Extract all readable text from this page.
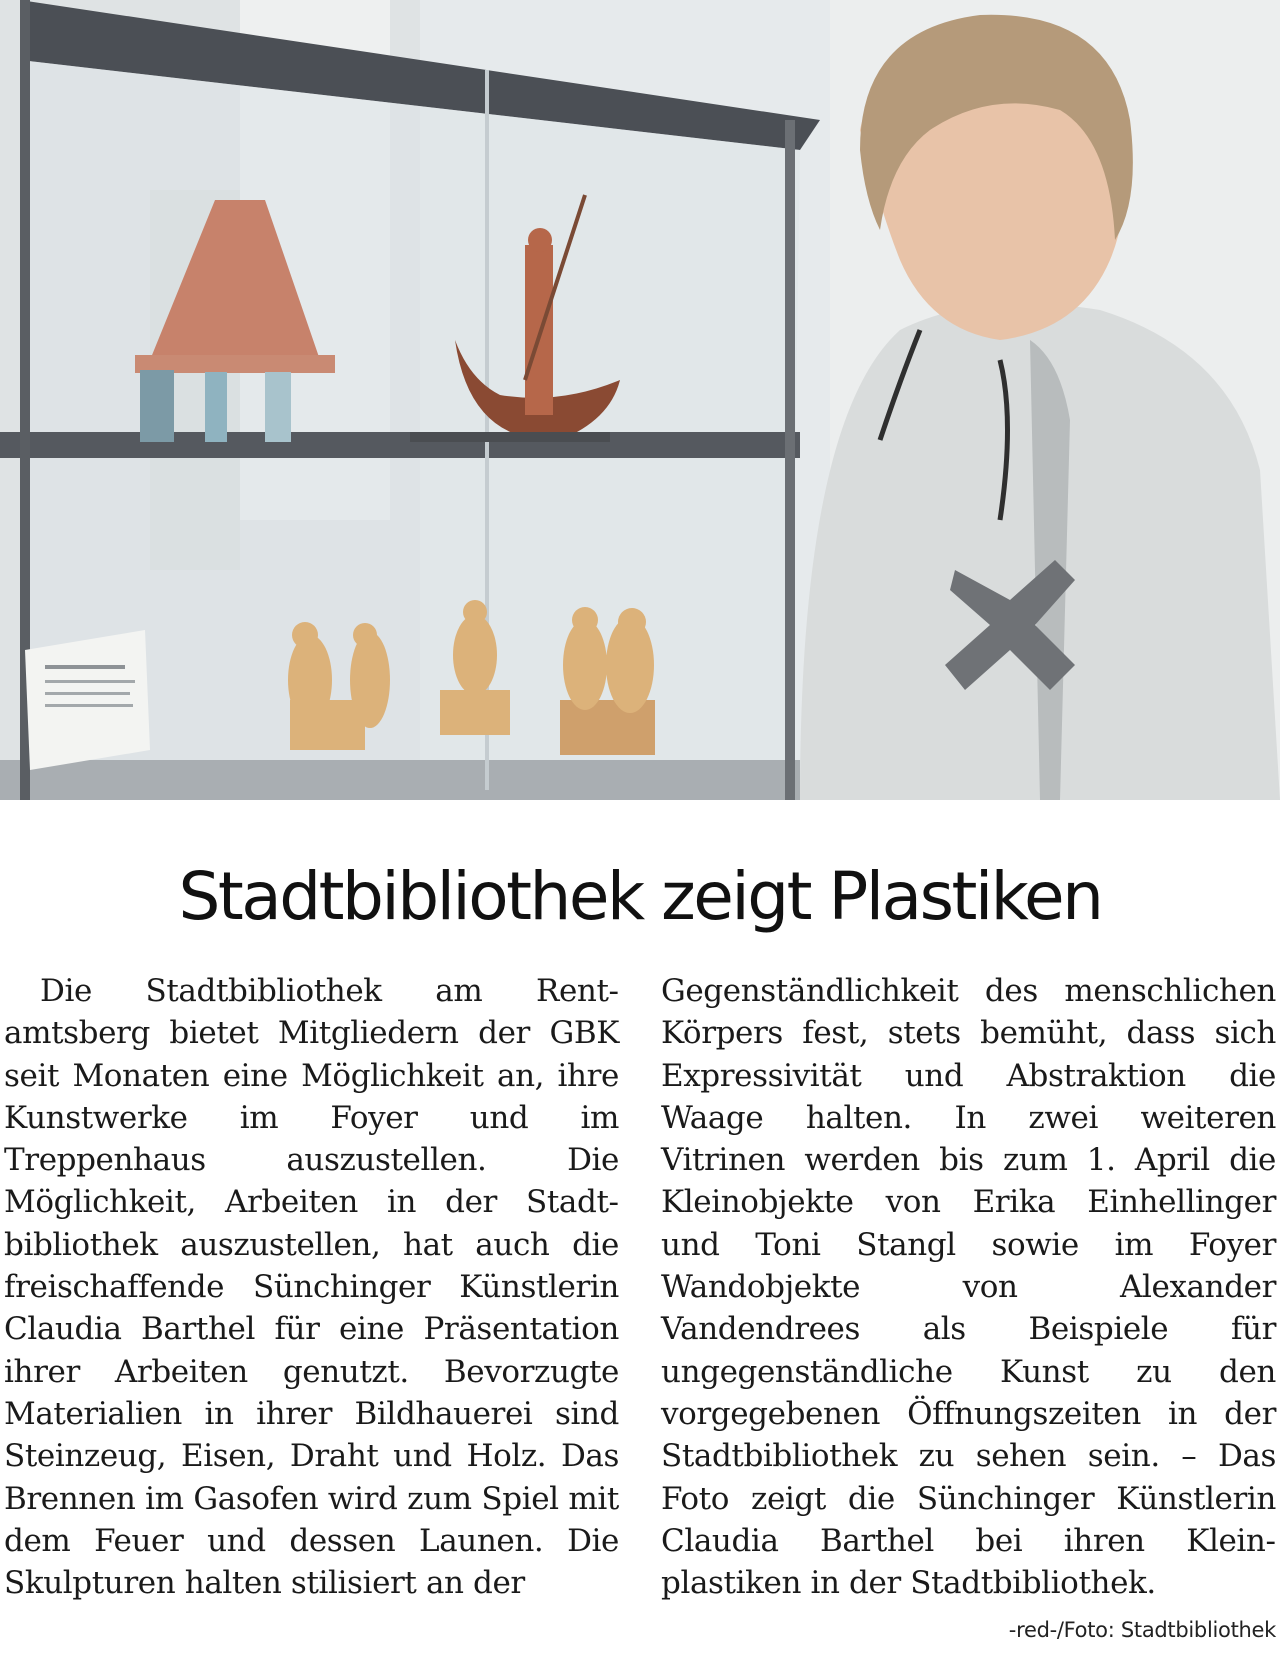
Stadtbibliothek zeigt Plastiken

Die Stadtbibliothek am Rentamtsberg bietet Mitgliedern der GBK seit Monaten eine Möglichkeit an, ihre Kunstwerke im Foyer und im Treppenhaus auszustellen. Die Möglichkeit, Arbeiten in der Stadtbibliothek auszustellen, hat auch die freischaffende Sünchinger Künstlerin Claudia Barthel für eine Präsentation ihrer Arbeiten genutzt. Bevorzugte Materialien in ihrer Bildhauerei sind Steinzeug, Eisen, Draht und Holz. Das Brennen im Gasofen wird zum Spiel mit dem Feuer und dessen Launen. Die Skulpturen halten stilisiert an der

Gegenständlichkeit des menschlichen Körpers fest, stets bemüht, dass sich Expressivität und Abstraktion die Waage halten. In zwei weiteren Vitrinen werden bis zum 1. April die Kleinobjekte von Erika Einhellinger und Toni Stangl sowie im Foyer Wandobjekte von Alexander Vandendrees als Beispiele für ungegenständliche Kunst zu den vorgegebenen Öffnungszeiten in der Stadtbibliothek zu sehen sein. – Das Foto zeigt die Sünchinger Künstlerin Claudia Barthel bei ihren Kleinplastiken in der Stadtbibliothek.

-red-/Foto: Stadtbibliothek
